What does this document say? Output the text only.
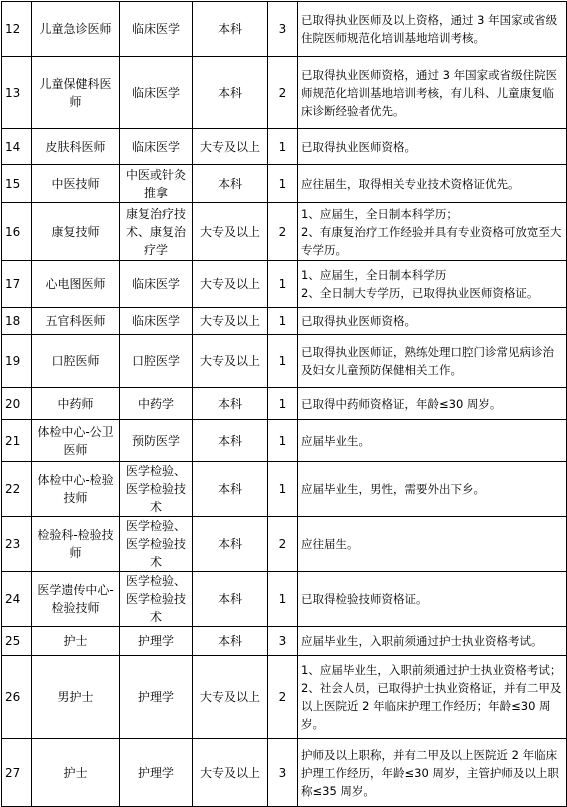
12	儿童急诊医师	临床医学	本科	3	已取得执业医师及以上资格，通过 3 年国家或省级住院医师规范化培训基地培训考核。

13	儿童保健科医师	临床医学	本科	2	已取得执业医师资格，通过 3 年国家或省级住院医师规范化培训基地培训考核，有儿科、儿童康复临床诊断经验者优先。

14	皮肤科医师	临床医学	大专及以上	1	已取得执业医师资格。

15	中医技师	中医或针灸推拿	本科	1	应往届生，取得相关专业技术资格证优先。

16	康复技师	康复治疗技术、康复治疗学	大专及以上	2	1、应届生，全日制本科学历；
2、有康复治疗工作经验并具有专业资格可放宽至大专学历。

17	心电图医师	临床医学	大专及以上	1	1、应届生，全日制本科学历
2、全日制大专学历，已取得执业医师资格证。

18	五官科医师	临床医学	大专及以上	1	已取得执业医师资格。

19	口腔医师	口腔医学	大专及以上	1	已取得执业医师证，熟练处理口腔门诊常见病诊治及妇女儿童预防保健相关工作。

20	中药师	中药学	本科	1	已取得中药师资格证，年龄≤30 周岁。

21	体检中心-公卫医师	预防医学	本科	1	应届毕业生。

22	体检中心-检验技师	医学检验、医学检验技术	本科	1	应届毕业生，男性，需要外出下乡。

23	检验科-检验技师	医学检验、医学检验技术	本科	2	应往届生。

24	医学遗传中心-检验技师	医学检验、医学检验技术	本科	1	已取得检验技师资格证。

25	护士	护理学	本科	3	应届毕业生，入职前须通过护士执业资格考试。

26	男护士	护理学	大专及以上	2	1、应届毕业生，入职前须通过护士执业资格考试；
2、社会人员，已取得护士执业资格证，并有二甲及以上医院近 2 年临床护理工作经历；年龄≤30 周岁。

27	护士	护理学	大专及以上	3	护师及以上职称，并有二甲及以上医院近 2 年临床护理工作经历，年龄≤30 周岁，主管护师及以上职称≤35 周岁。
